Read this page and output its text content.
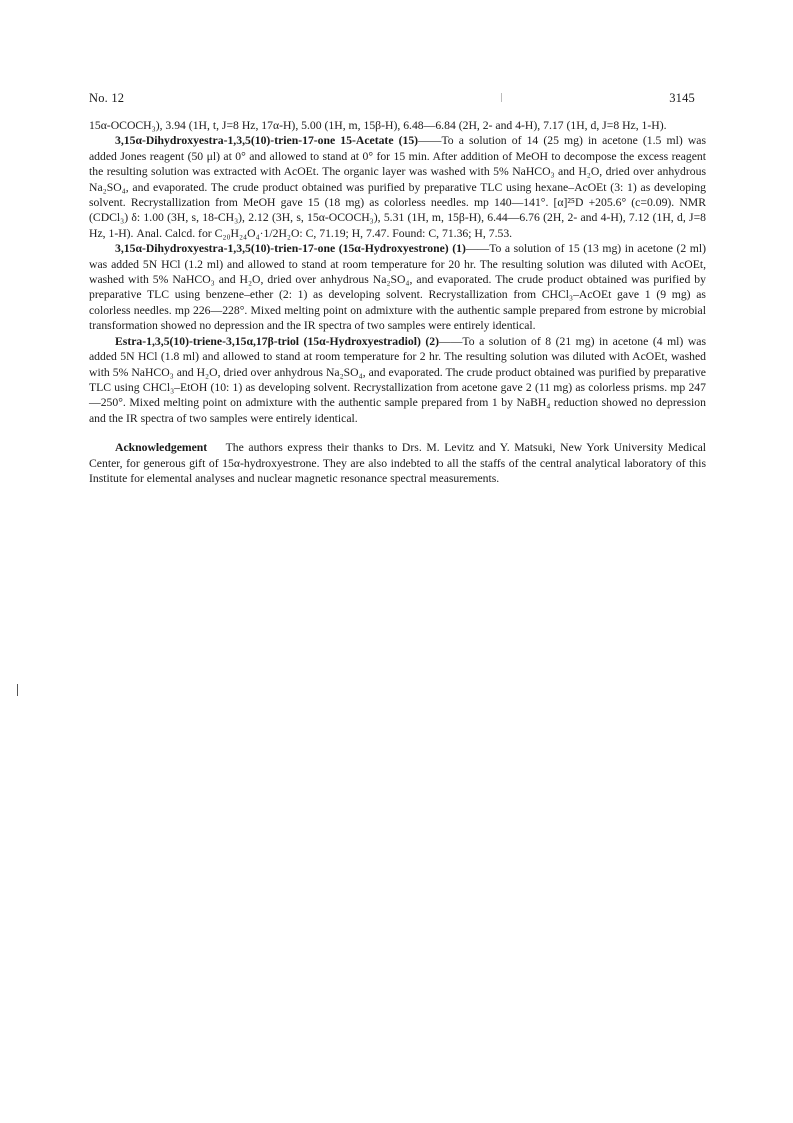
No. 12	3145

15α-OCOCH₃), 3.94 (1H, t, J=8 Hz, 17α-H), 5.00 (1H, m, 15β-H), 6.48—6.84 (2H, 2- and 4-H), 7.17 (1H, d, J=8 Hz, 1-H).

3,15α-Dihydroxyestra-1,3,5(10)-trien-17-one 15-Acetate (15)——To a solution of 14 (25 mg) in acetone (1.5 ml) was added Jones reagent (50 μl) at 0° and allowed to stand at 0° for 15 min. After addition of MeOH to decompose the excess reagent the resulting solution was extracted with AcOEt. The organic layer was washed with 5% NaHCO₃ and H₂O, dried over anhydrous Na₂SO₄, and evaporated. The crude product obtained was purified by preparative TLC using hexane–AcOEt (3: 1) as developing solvent. Recrystallization from MeOH gave 15 (18 mg) as colorless needles. mp 140—141°. [α]²⁵D +205.6° (c=0.09). NMR (CDCl₃) δ: 1.00 (3H, s, 18-CH₃), 2.12 (3H, s, 15α-OCOCH₃), 5.31 (1H, m, 15β-H), 6.44—6.76 (2H, 2- and 4-H), 7.12 (1H, d, J=8 Hz, 1-H). Anal. Calcd. for C₂₀H₂₄O₄·1/2H₂O: C, 71.19; H, 7.47. Found: C, 71.36; H, 7.53.

3,15α-Dihydroxyestra-1,3,5(10)-trien-17-one (15α-Hydroxyestrone) (1)——To a solution of 15 (13 mg) in acetone (2 ml) was added 5N HCl (1.2 ml) and allowed to stand at room temperature for 20 hr. The resulting solution was diluted with AcOEt, washed with 5% NaHCO₃ and H₂O, dried over anhydrous Na₂SO₄, and evaporated. The crude product obtained was purified by preparative TLC using benzene–ether (2: 1) as developing solvent. Recrystallization from CHCl₃–AcOEt gave 1 (9 mg) as colorless needles. mp 226—228°. Mixed melting point on admixture with the authentic sample prepared from estrone by microbial transformation showed no depression and the IR spectra of two samples were entirely identical.

Estra-1,3,5(10)-triene-3,15α,17β-triol (15α-Hydroxyestradiol) (2)——To a solution of 8 (21 mg) in acetone (4 ml) was added 5N HCl (1.8 ml) and allowed to stand at room temperature for 2 hr. The resulting solution was diluted with AcOEt, washed with 5% NaHCO₃ and H₂O, dried over anhydrous Na₂SO₄, and evaporated. The crude product obtained was purified by preparative TLC using CHCl₃–EtOH (10: 1) as developing solvent. Recrystallization from acetone gave 2 (11 mg) as colorless prisms. mp 247—250°. Mixed melting point on admixture with the authentic sample prepared from 1 by NaBH₄ reduction showed no depression and the IR spectra of two samples were entirely identical.

Acknowledgement The authors express their thanks to Drs. M. Levitz and Y. Matsuki, New York University Medical Center, for generous gift of 15α-hydroxyestrone. They are also indebted to all the staffs of the central analytical laboratory of this Institute for elemental analyses and nuclear magnetic resonance spectral measurements.
